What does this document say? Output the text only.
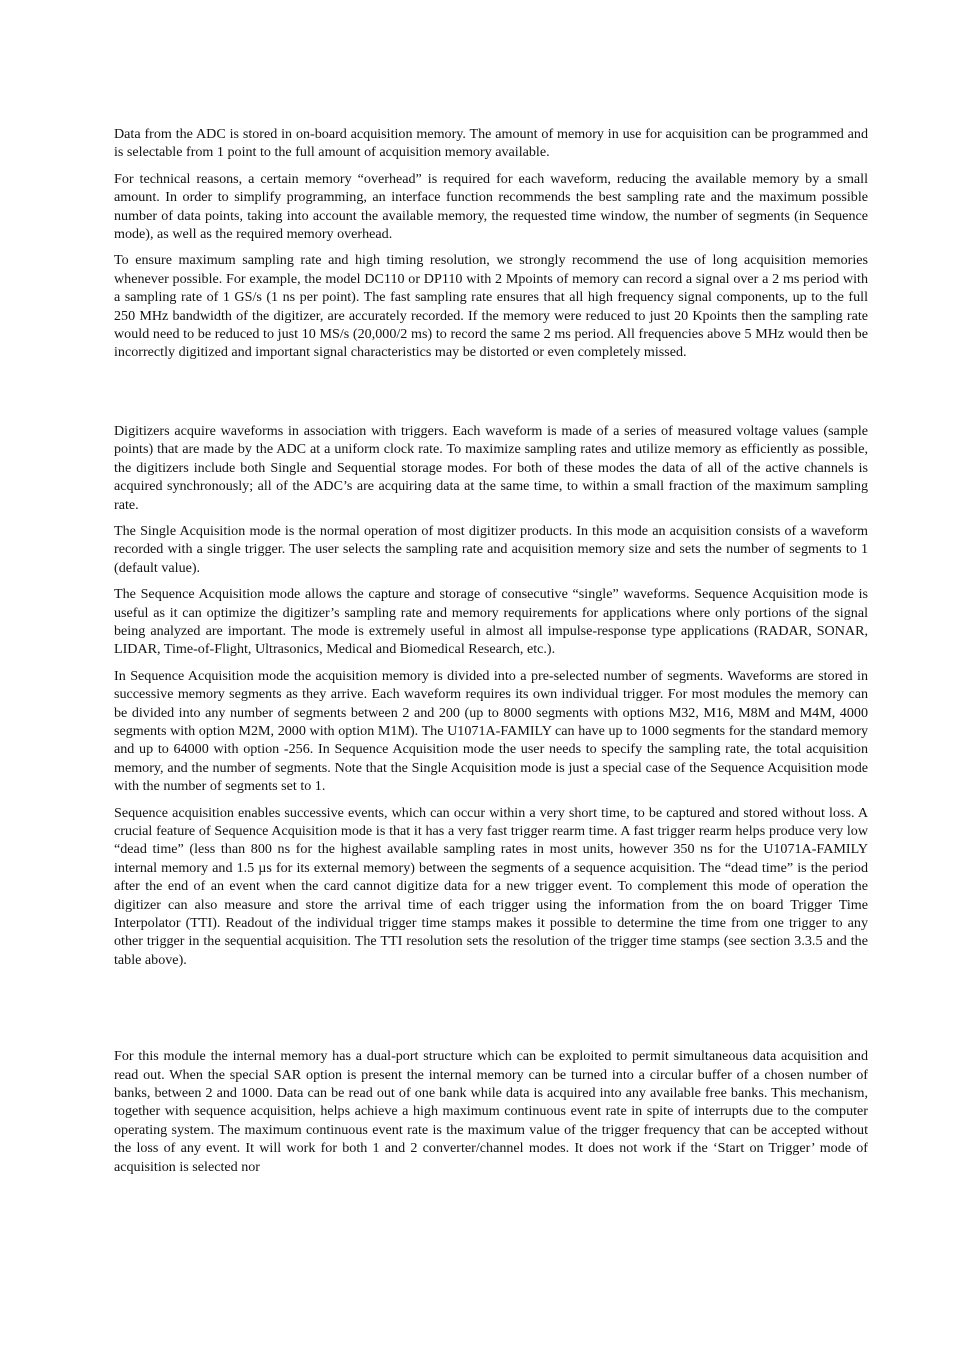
Data from the ADC is stored in on-board acquisition memory. The amount of memory in use for acquisition can be programmed and is selectable from 1 point to the full amount of acquisition memory available.

For technical reasons, a certain memory “overhead” is required for each waveform, reducing the available memory by a small amount. In order to simplify programming, an interface function recommends the best sampling rate and the maximum possible number of data points, taking into account the available memory, the requested time window, the number of segments (in Sequence mode), as well as the required memory overhead.

To ensure maximum sampling rate and high timing resolution, we strongly recommend the use of long acquisition memories whenever possible. For example, the model DC110 or DP110 with 2 Mpoints of memory can record a signal over a 2 ms period with a sampling rate of 1 GS/s (1 ns per point). The fast sampling rate ensures that all high frequency signal components, up to the full 250 MHz bandwidth of the digitizer, are accurately recorded. If the memory were reduced to just 20 Kpoints then the sampling rate would need to be reduced to just 10 MS/s (20,000/2 ms) to record the same 2 ms period. All frequencies above 5 MHz would then be incorrectly digitized and important signal characteristics may be distorted or even completely missed.

Digitizers acquire waveforms in association with triggers. Each waveform is made of a series of measured voltage values (sample points) that are made by the ADC at a uniform clock rate. To maximize sampling rates and utilize memory as efficiently as possible, the digitizers include both Single and Sequential storage modes. For both of these modes the data of all of the active channels is acquired synchronously; all of the ADC’s are acquiring data at the same time, to within a small fraction of the maximum sampling rate.

The Single Acquisition mode is the normal operation of most digitizer products. In this mode an acquisition consists of a waveform recorded with a single trigger. The user selects the sampling rate and acquisition memory size and sets the number of segments to 1 (default value).

The Sequence Acquisition mode allows the capture and storage of consecutive “single” waveforms. Sequence Acquisition mode is useful as it can optimize the digitizer’s sampling rate and memory requirements for applications where only portions of the signal being analyzed are important. The mode is extremely useful in almost all impulse-response type applications (RADAR, SONAR, LIDAR, Time-of-Flight, Ultrasonics, Medical and Biomedical Research, etc.).

In Sequence Acquisition mode the acquisition memory is divided into a pre-selected number of segments. Waveforms are stored in successive memory segments as they arrive. Each waveform requires its own individual trigger. For most modules the memory can be divided into any number of segments between 2 and 200 (up to 8000 segments with options M32, M16, M8M and M4M, 4000 segments with option M2M, 2000 with option M1M). The U1071A-FAMILY can have up to 1000 segments for the standard memory and up to 64000 with option -256. In Sequence Acquisition mode the user needs to specify the sampling rate, the total acquisition memory, and the number of segments. Note that the Single Acquisition mode is just a special case of the Sequence Acquisition mode with the number of segments set to 1.

Sequence acquisition enables successive events, which can occur within a very short time, to be captured and stored without loss. A crucial feature of Sequence Acquisition mode is that it has a very fast trigger rearm time. A fast trigger rearm helps produce very low “dead time” (less than 800 ns for the highest available sampling rates in most units, however 350 ns for the U1071A-FAMILY internal memory and 1.5 µs for its external memory) between the segments of a sequence acquisition. The “dead time” is the period after the end of an event when the card cannot digitize data for a new trigger event. To complement this mode of operation the digitizer can also measure and store the arrival time of each trigger using the information from the on board Trigger Time Interpolator (TTI). Readout of the individual trigger time stamps makes it possible to determine the time from one trigger to any other trigger in the sequential acquisition. The TTI resolution sets the resolution of the trigger time stamps (see section 3.3.5 and the table above).

For this module the internal memory has a dual-port structure which can be exploited to permit simultaneous data acquisition and read out. When the special SAR option is present the internal memory can be turned into a circular buffer of a chosen number of banks, between 2 and 1000. Data can be read out of one bank while data is acquired into any available free banks. This mechanism, together with sequence acquisition, helps achieve a high maximum continuous event rate in spite of interrupts due to the computer operating system. The maximum continuous event rate is the maximum value of the trigger frequency that can be accepted without the loss of any event. It will work for both 1 and 2 converter/channel modes. It does not work if the ‘Start on Trigger’ mode of acquisition is selected nor
